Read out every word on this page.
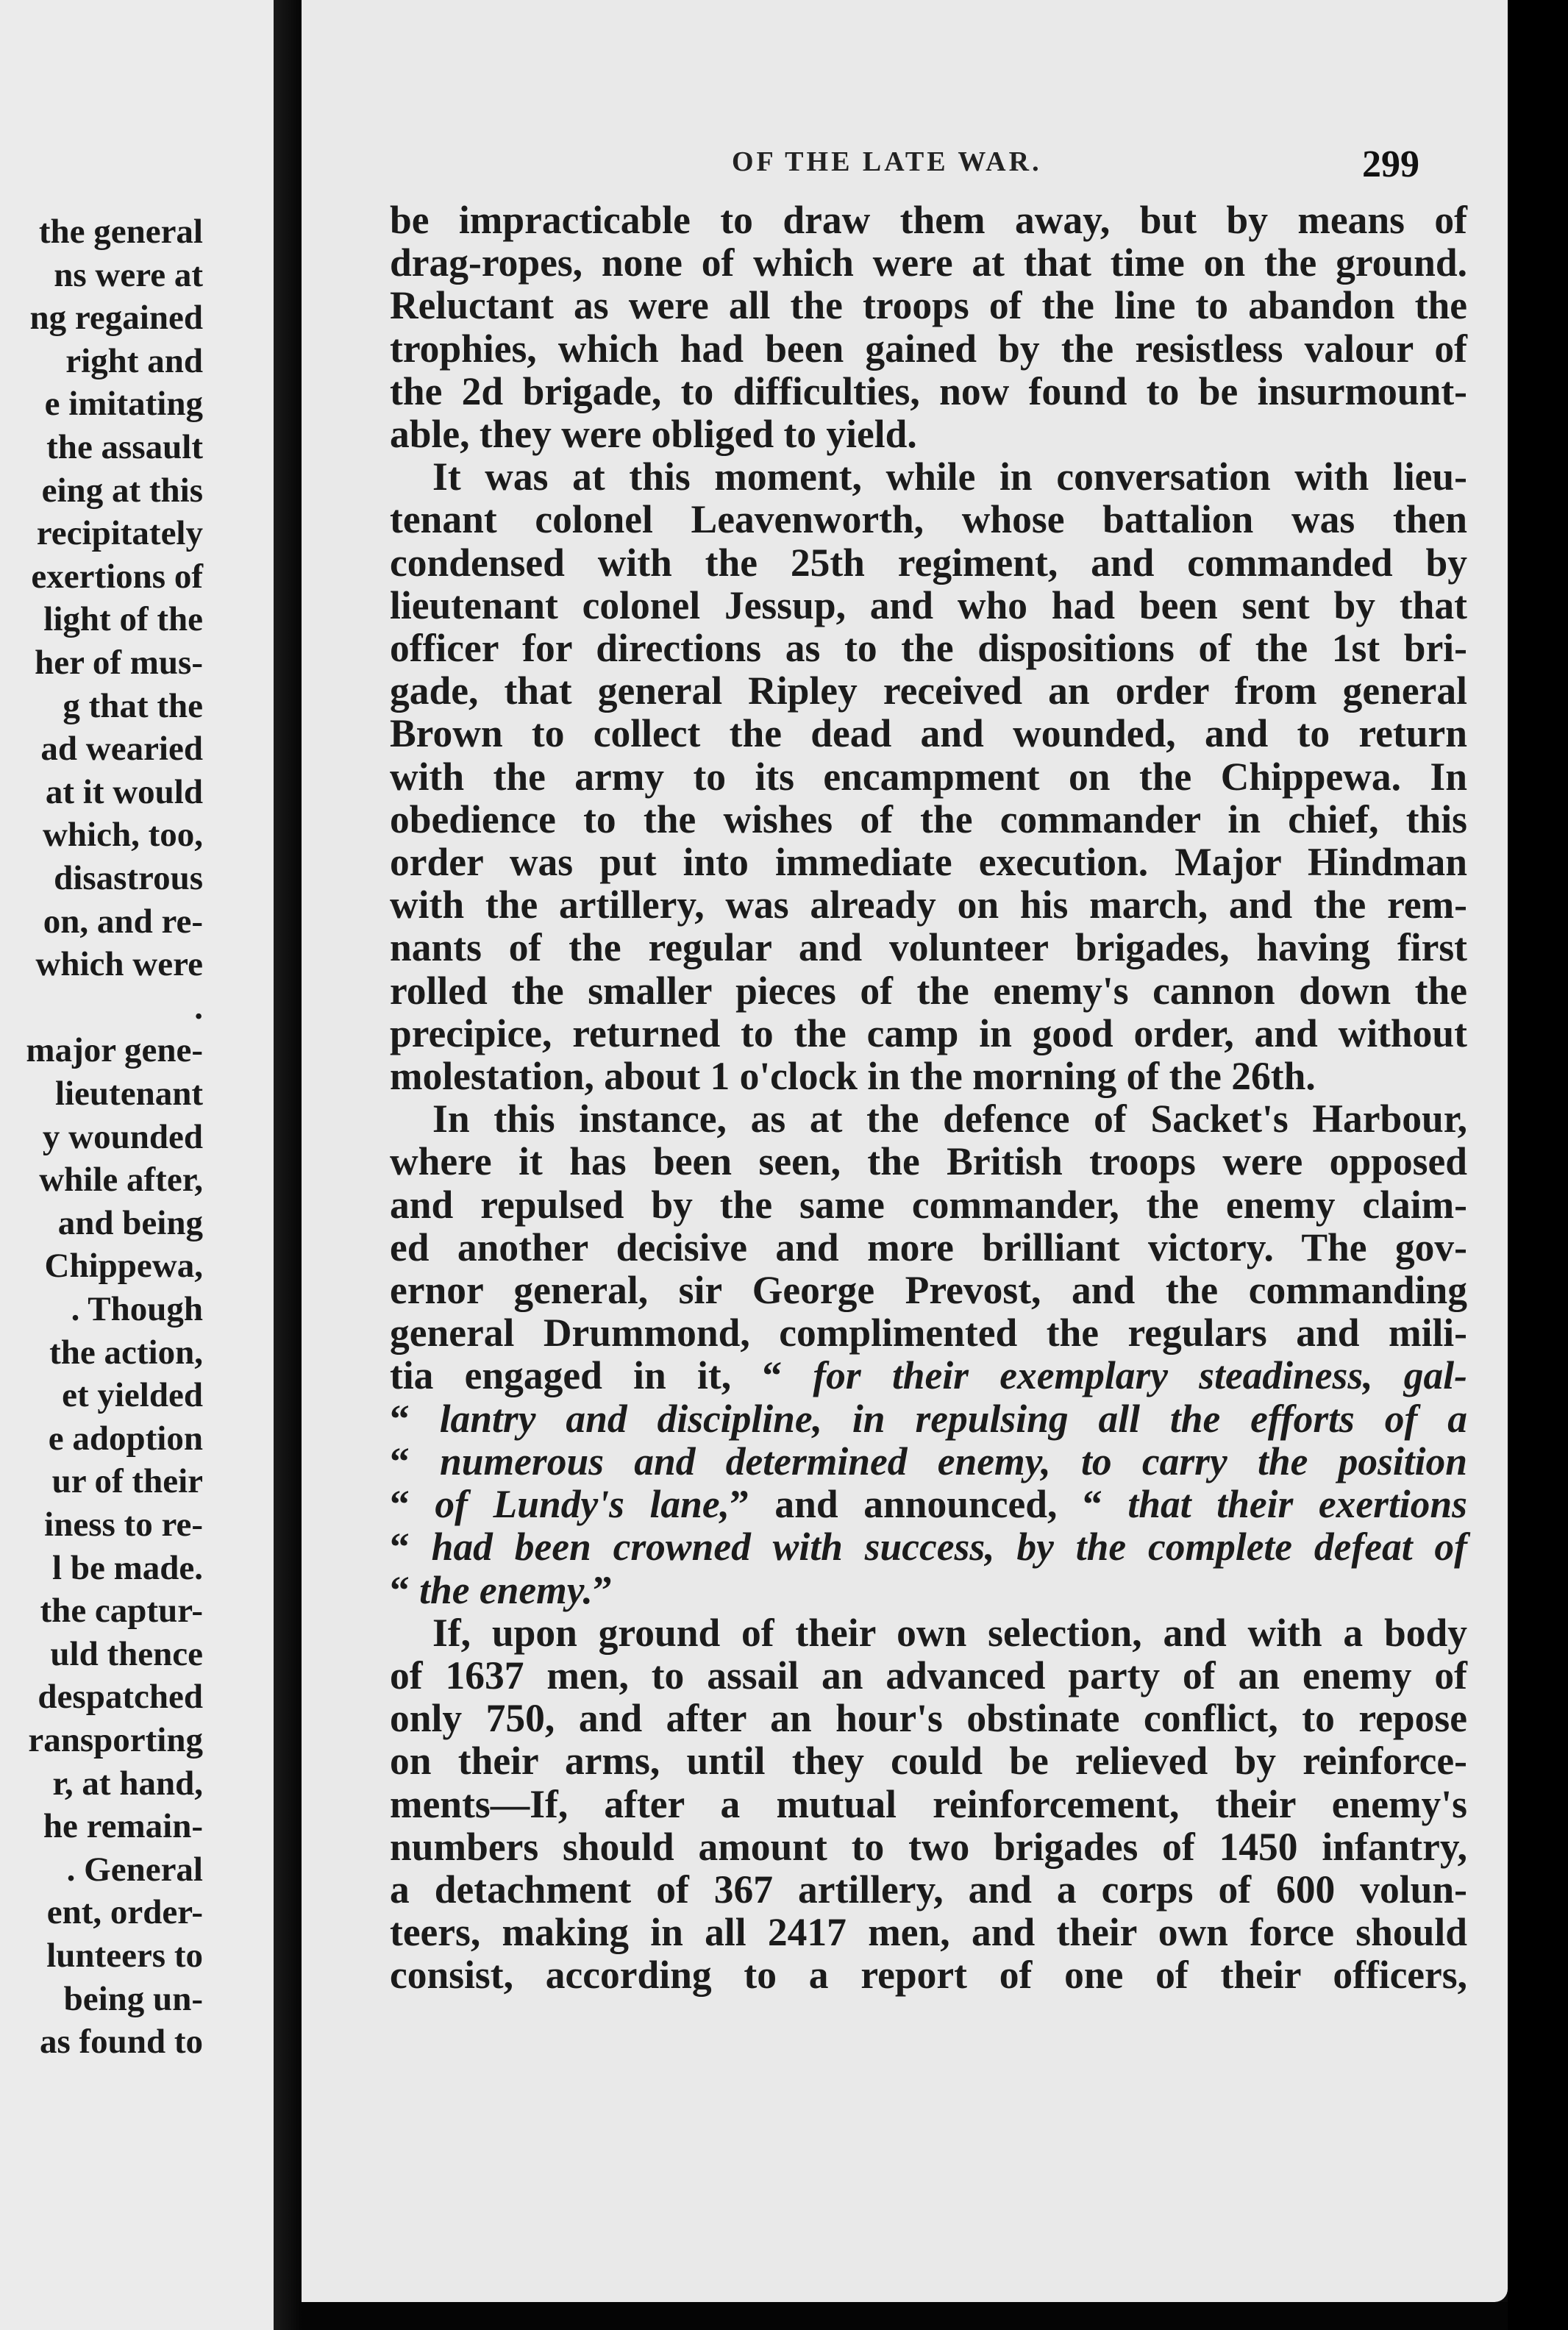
the general
ns were at
ng regained
right and
e imitating
the assault
eing at this
recipitately
exertions of
light of the
her of mus-
g that the
ad wearied
at it would
which, too,
disastrous
on, and re-
which were
.
major gene-
lieutenant
y wounded
while after,
and being
Chippewa,
. Though
the action,
et yielded
e adoption
ur of their
iness to re-
l be made.
the captur-
uld thence
despatched
ransporting
r, at hand,
he remain-
. General
ent, order-
lunteers to
being un-
as found to
OF THE LATE WAR.	299
be impracticable to draw them away, but by means of
drag-ropes, none of which were at that time on the ground.
Reluctant as were all the troops of the line to abandon the
trophies, which had been gained by the resistless valour of
the 2d brigade, to difficulties, now found to be insurmount-
able, they were obliged to yield.
It was at this moment, while in conversation with lieu-
tenant colonel Leavenworth, whose battalion was then
condensed with the 25th regiment, and commanded by
lieutenant colonel Jessup, and who had been sent by that
officer for directions as to the dispositions of the 1st bri-
gade, that general Ripley received an order from general
Brown to collect the dead and wounded, and to return
with the army to its encampment on the Chippewa. In
obedience to the wishes of the commander in chief, this
order was put into immediate execution. Major Hindman
with the artillery, was already on his march, and the rem-
nants of the regular and volunteer brigades, having first
rolled the smaller pieces of the enemy's cannon down the
precipice, returned to the camp in good order, and without
molestation, about 1 o'clock in the morning of the 26th.
In this instance, as at the defence of Sacket's Harbour,
where it has been seen, the British troops were opposed
and repulsed by the same commander, the enemy claim-
ed another decisive and more brilliant victory. The gov-
ernor general, sir George Prevost, and the commanding
general Drummond, complimented the regulars and mili-
tia engaged in it, “ for their exemplary steadiness, gal-
“ lantry and discipline, in repulsing all the efforts of a
“ numerous and determined enemy, to carry the position
“ of Lundy's lane,” and announced, “ that their exertions
“ had been crowned with success, by the complete defeat of
“ the enemy.”
If, upon ground of their own selection, and with a body
of 1637 men, to assail an advanced party of an enemy of
only 750, and after an hour's obstinate conflict, to repose
on their arms, until they could be relieved by reinforce-
ments—If, after a mutual reinforcement, their enemy's
numbers should amount to two brigades of 1450 infantry,
a detachment of 367 artillery, and a corps of 600 volun-
teers, making in all 2417 men, and their own force should
consist, according to a report of one of their officers,
